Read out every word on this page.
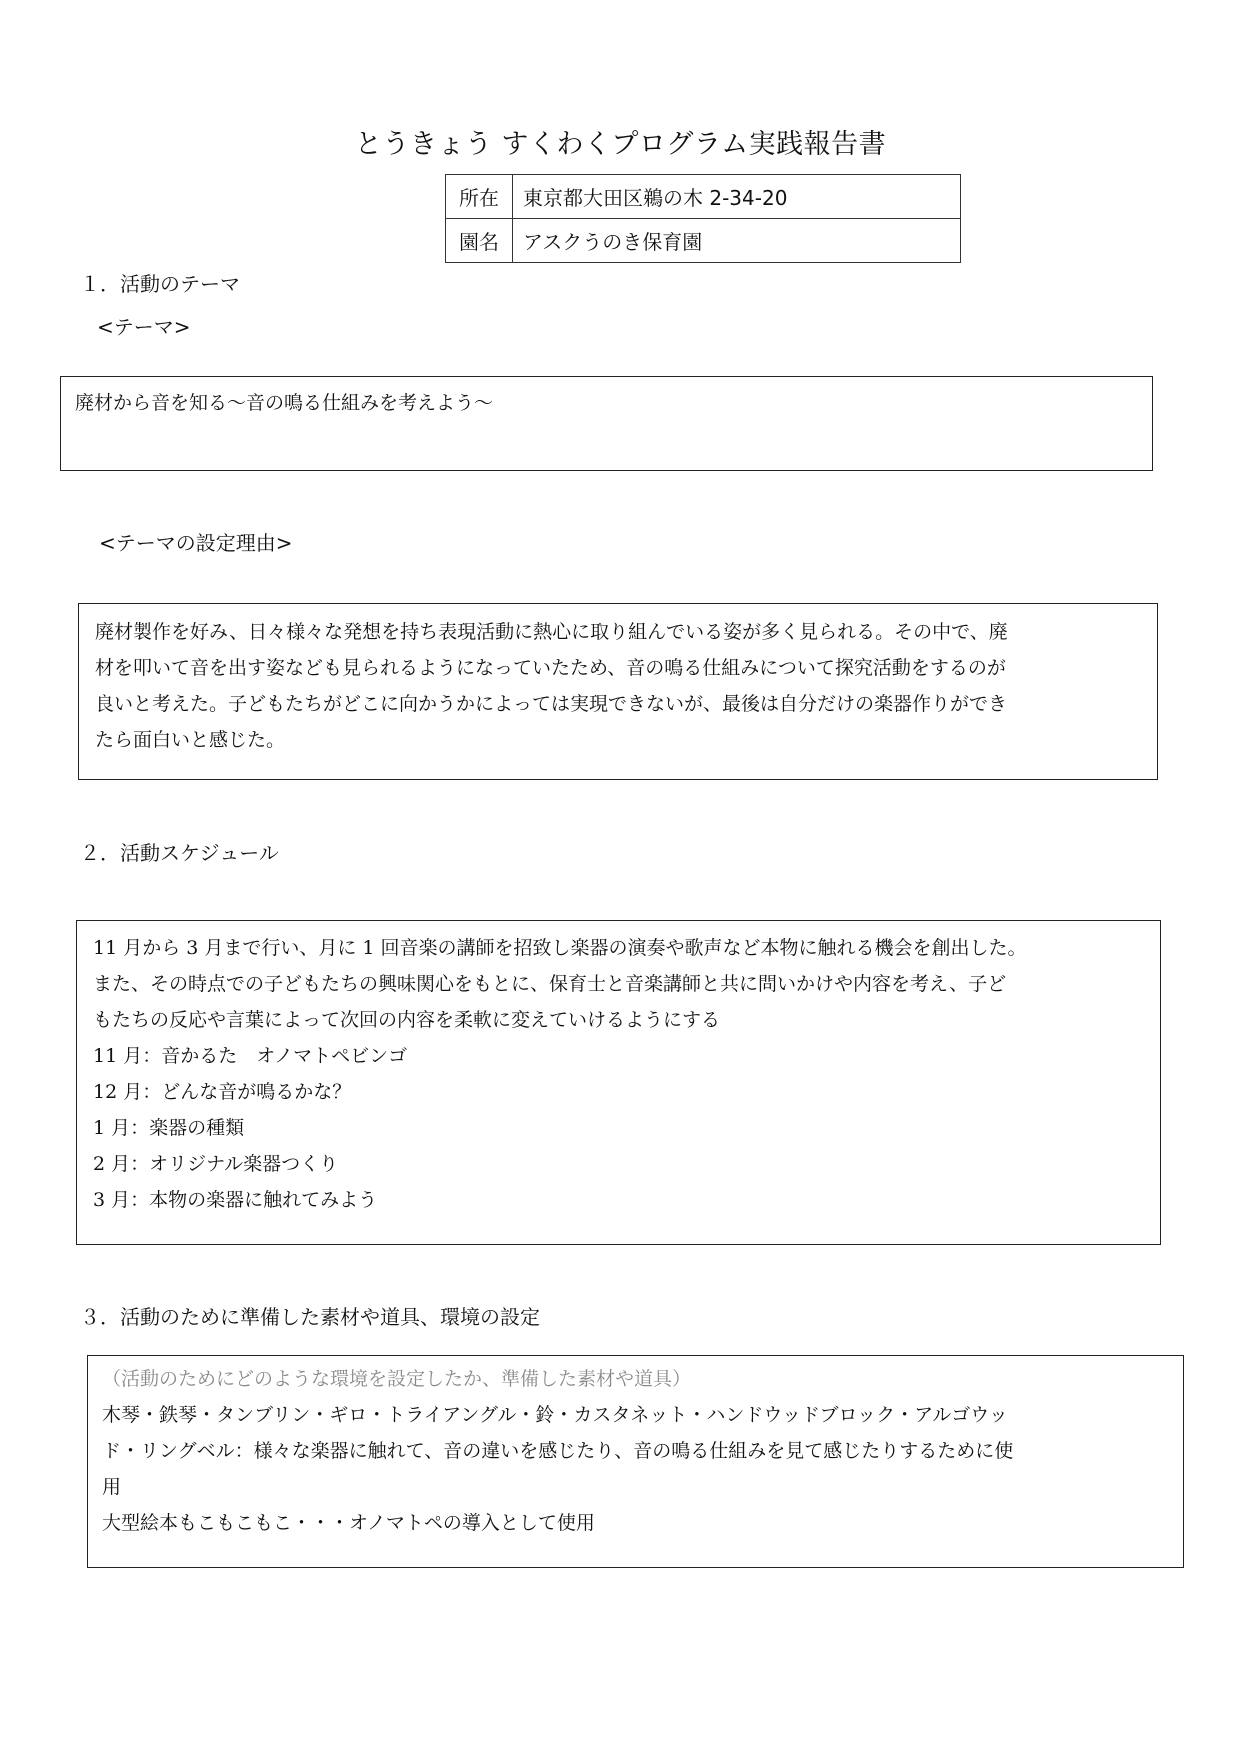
とうきょう すくわくプログラム実践報告書
所在	東京都大田区鵜の木 2-34-20
園名	アスクうのき保育園
１．活動のテーマ
<テーマ>
廃材から音を知る～音の鳴る仕組みを考えよう～
<テーマの設定理由>
廃材製作を好み、日々様々な発想を持ち表現活動に熱心に取り組んでいる姿が多く見られる。その中で、廃
材を叩いて音を出す姿なども見られるようになっていたため、音の鳴る仕組みについて探究活動をするのが
良いと考えた。子どもたちがどこに向かうかによっては実現できないが、最後は自分だけの楽器作りができ
たら面白いと感じた。
２．活動スケジュール
11 月から 3 月まで行い、月に 1 回音楽の講師を招致し楽器の演奏や歌声など本物に触れる機会を創出した。
また、その時点での子どもたちの興味関心をもとに、保育士と音楽講師と共に問いかけや内容を考え、子ど
もたちの反応や言葉によって次回の内容を柔軟に変えていけるようにする
11 月：音かるた　オノマトペビンゴ
12 月：どんな音が鳴るかな？
1 月：楽器の種類
2 月：オリジナル楽器つくり
3 月：本物の楽器に触れてみよう
３．活動のために準備した素材や道具、環境の設定
（活動のためにどのような環境を設定したか、準備した素材や道具）
木琴・鉄琴・タンブリン・ギロ・トライアングル・鈴・カスタネット・ハンドウッドブロック・アルゴウッ
ド・リングベル：様々な楽器に触れて、音の違いを感じたり、音の鳴る仕組みを見て感じたりするために使
用
大型絵本もこもこもこ・・・オノマトペの導入として使用
